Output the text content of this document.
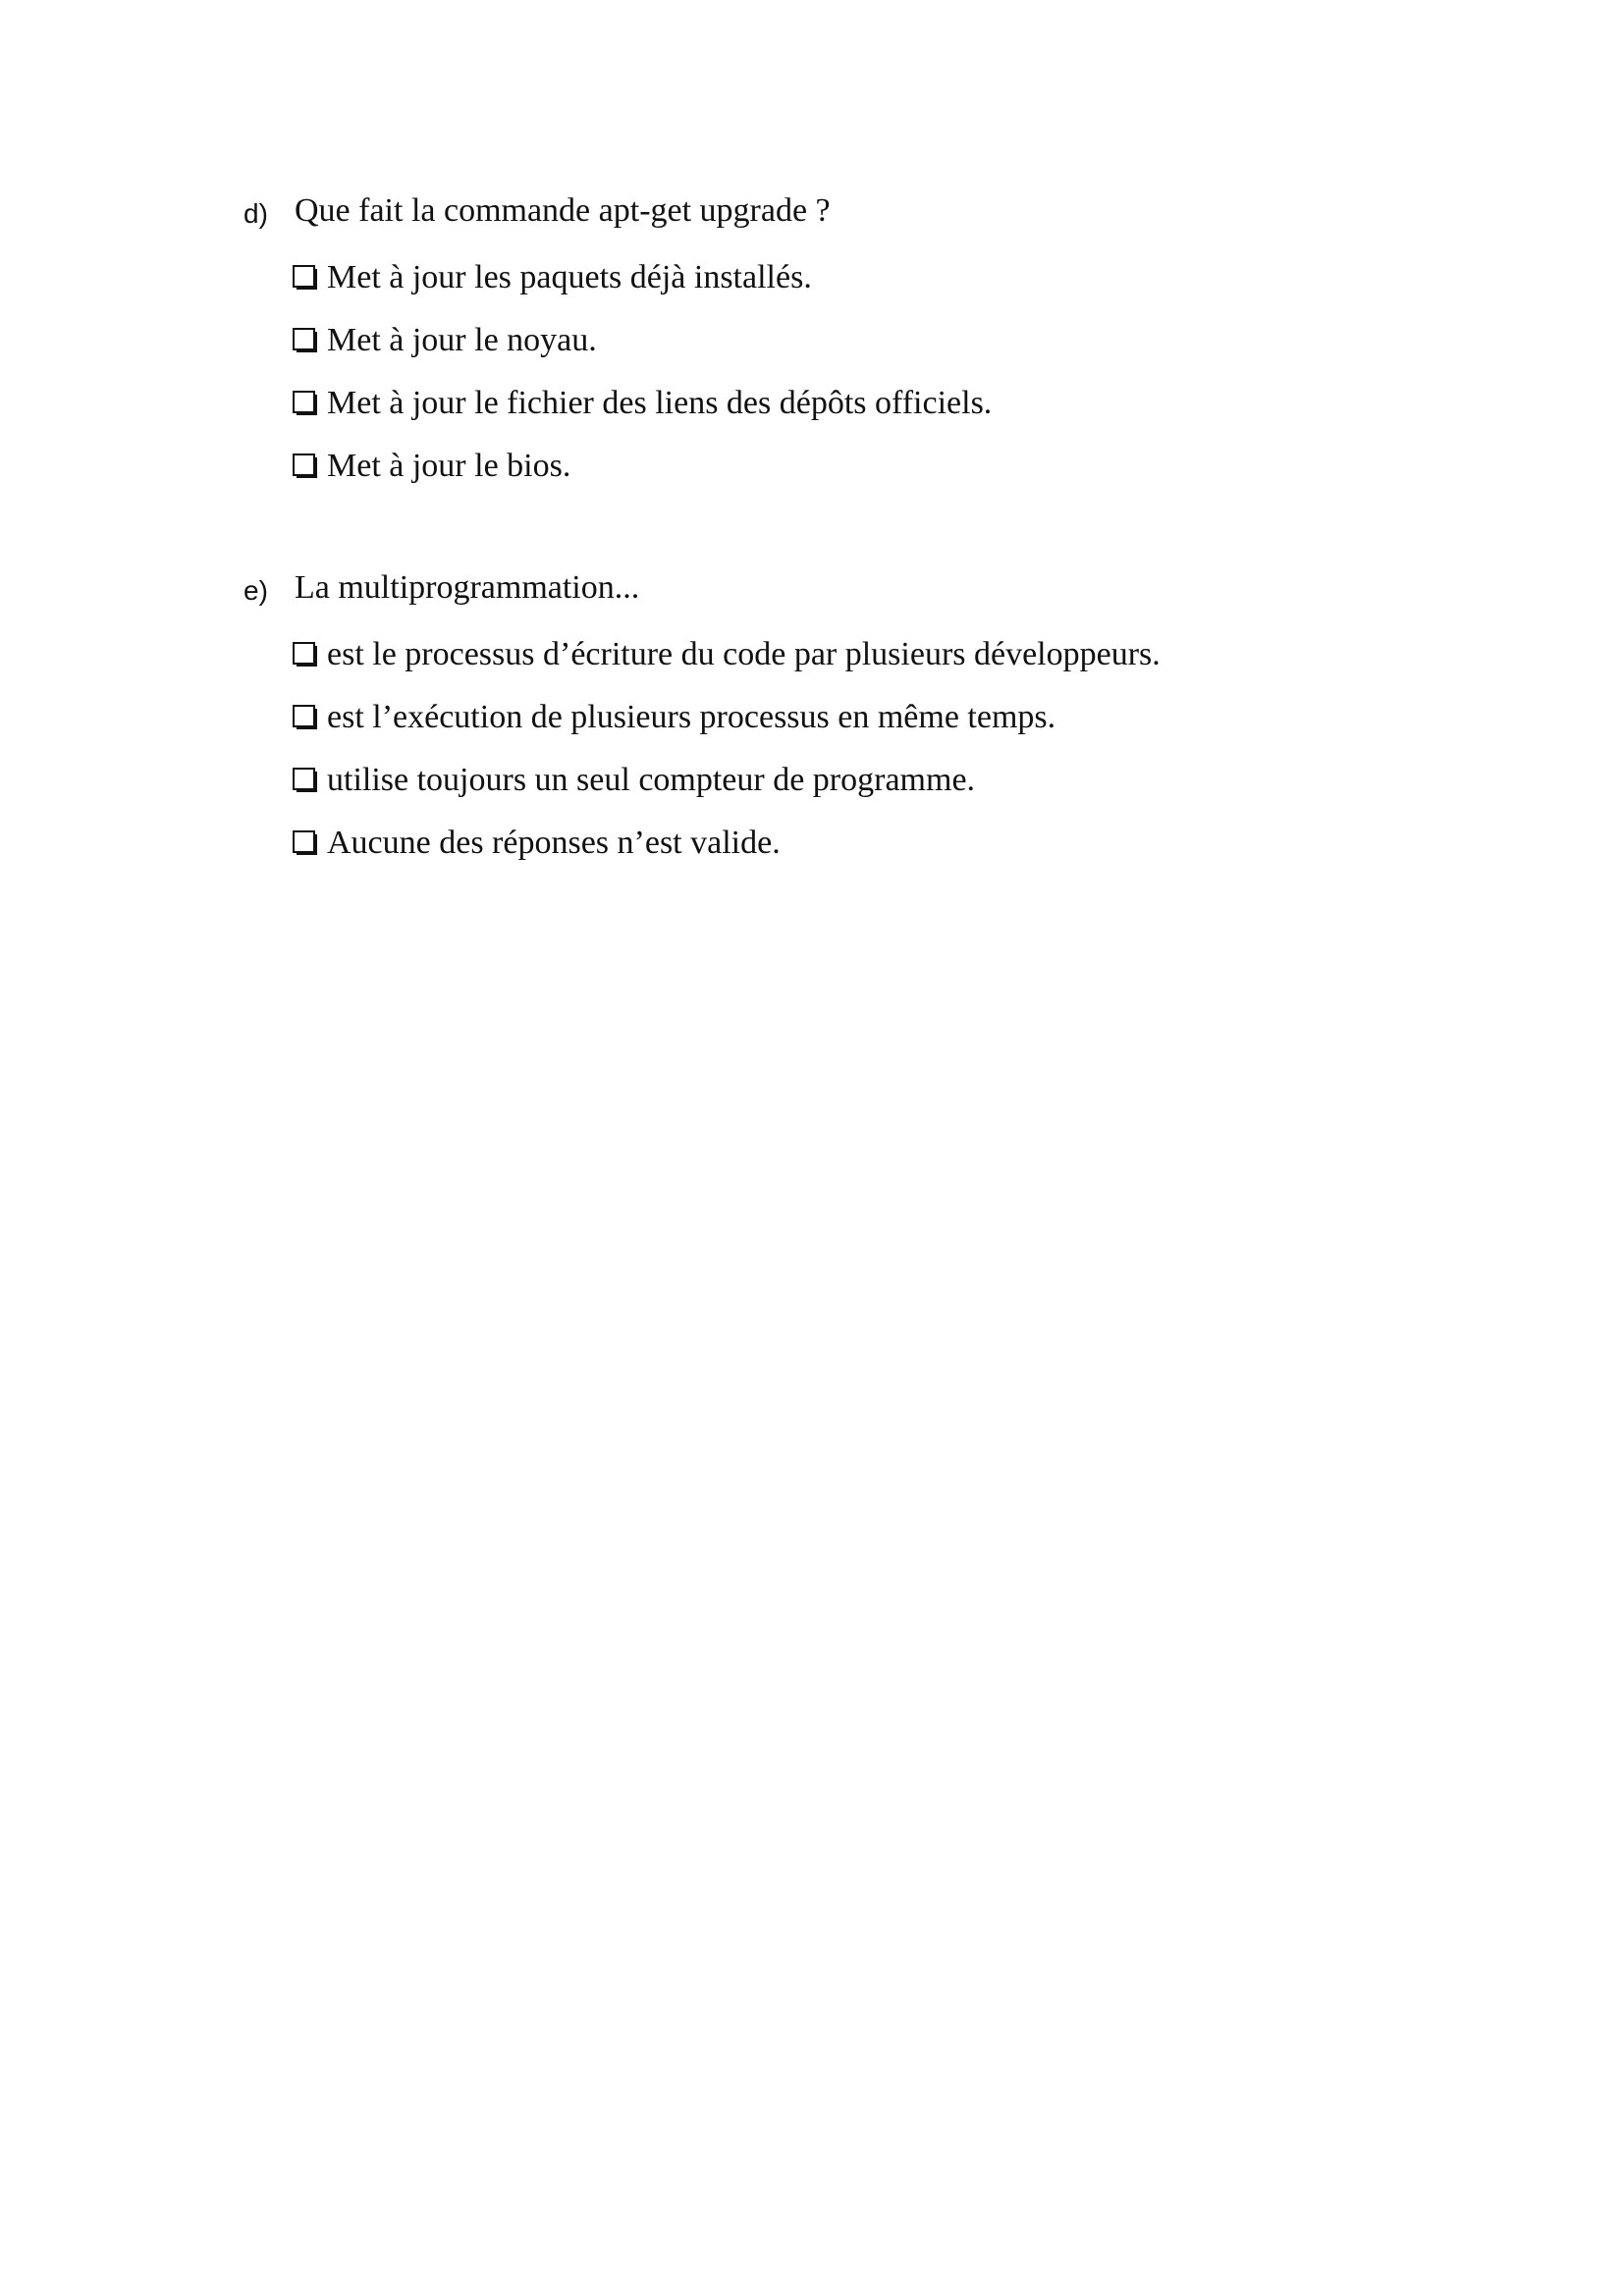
d) Que fait la commande apt-get upgrade ?
Met à jour les paquets déjà installés.
Met à jour le noyau.
Met à jour le fichier des liens des dépôts officiels.
Met à jour le bios.
e) La multiprogrammation...
est le processus d’écriture du code par plusieurs développeurs.
est l’exécution de plusieurs processus en même temps.
utilise toujours un seul compteur de programme.
Aucune des réponses n’est valide.
